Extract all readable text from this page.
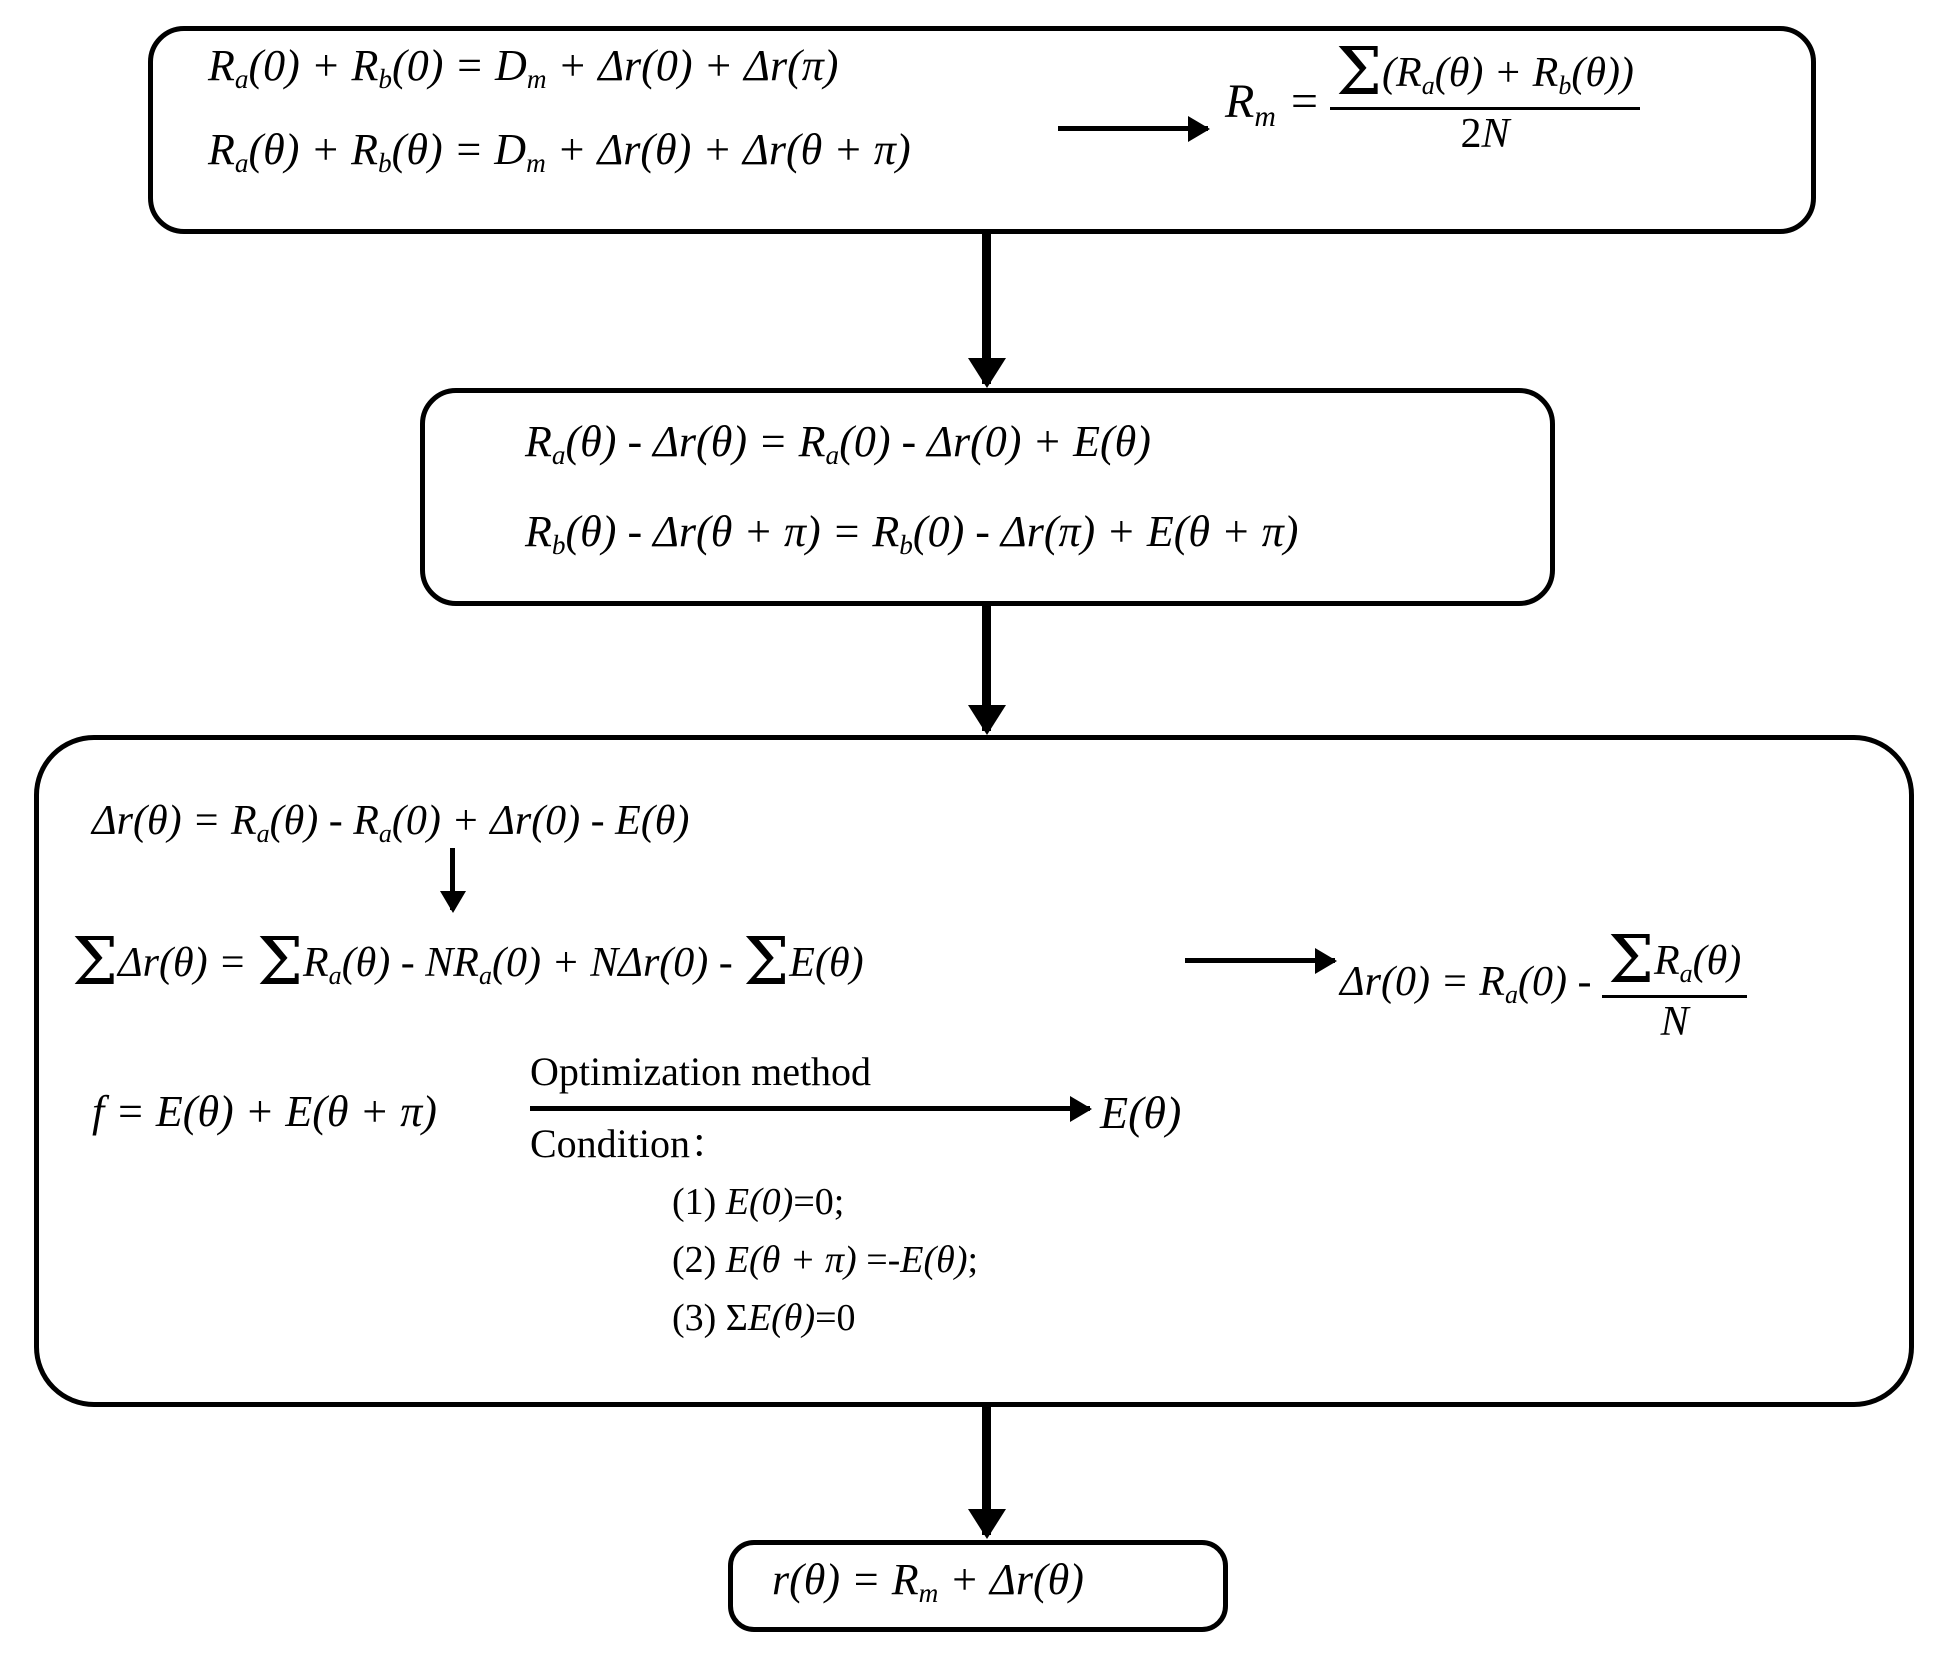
$R_a(0) + R_b(0) = D_m + \Delta r(0) + \Delta r(\pi)$
$R_a(\theta) + R_b(\theta) = D_m + \Delta r(\theta) + \Delta r(\theta + \pi)$
$R_m = \frac{\Sigma(R_a(\theta) + R_b(\theta))}{2N}$
$R_a(\theta) - \Delta r(\theta) = R_a(0) - \Delta r(0) + E(\theta)$
$R_b(\theta) - \Delta r(\theta + \pi) = R_b(0) - \Delta r(\pi) + E(\theta + \pi)$
$\Delta r(\theta) = R_a(\theta) - R_a(0) + \Delta r(0) - E(\theta)$
$\Sigma\Delta r(\theta) = \Sigma R_a(\theta) - NR_a(0) + N\Delta r(0) - \Sigma E(\theta)$	$\Delta r(0) = R_a(0) - \frac{\Sigma R_a(\theta)}{N}$
f = E(θ) + E(θ + π)
Optimization method
Condition：
E(θ)
(1) E(0)=0;
(2) E(θ + π) =-E(θ);
(3) ΣE(θ)=0
$r(\theta) = R_m + \Delta r(\theta)$
